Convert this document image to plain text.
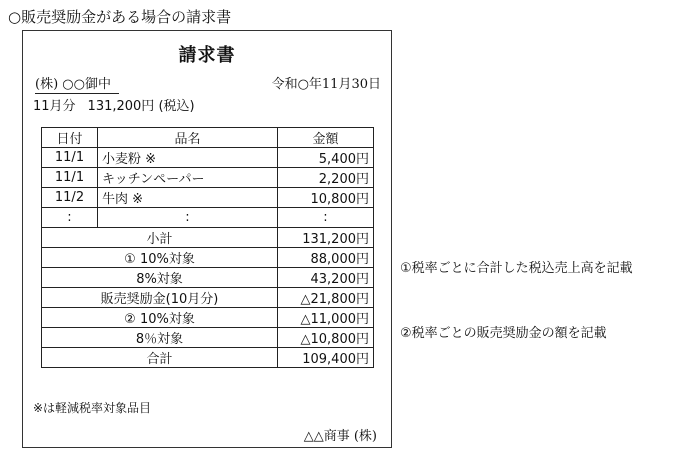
○販売奨励金がある場合の請求書
請求書
(株) ○○御中	令和○年11月30日
11月分 131,200円 (税込)
日付	品名	金額
11/1	小麦粉 ※	5,400円
11/1	キッチンペーパー	2,200円
11/2	牛肉 ※	10,800円
:	:	:
小計		131,200円
① 10%対象		88,000円
8%対象		43,200円
販売奨励金(10月分)		△21,800円
② 10%対象		△11,000円
8％対象		△10,800円
合計		109,400円
※は軽減税率対象品目
△△商事 (株)
①税率ごとに合計した税込売上高を記載
②税率ごとの販売奨励金の額を記載
